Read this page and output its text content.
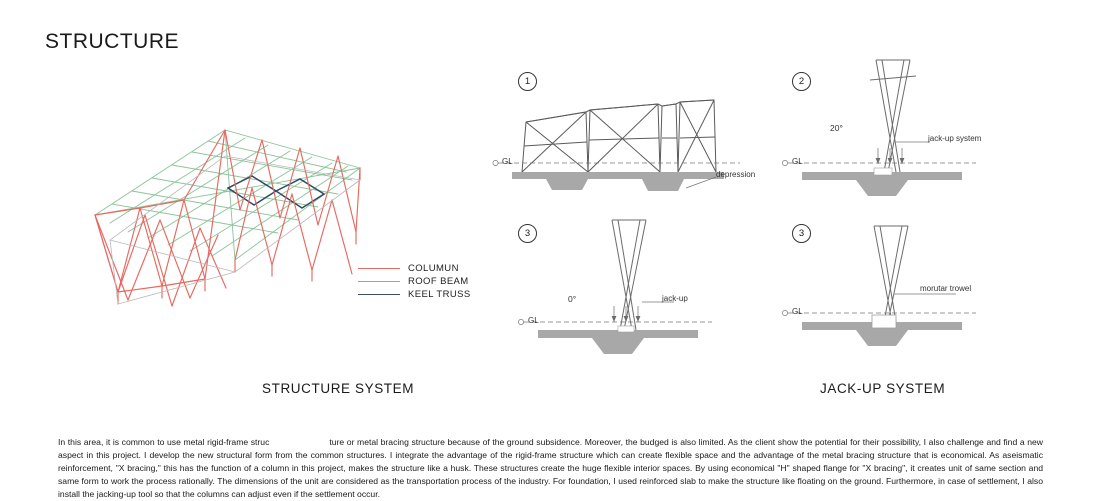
STRUCTURE
COLUMUN
ROOF BEAM
KEEL TRUSS
1
GL
depression
2
GL
20°
jack-up system
3
GL
0°	jack-up
3
GL
morutar trowel
STRUCTURE SYSTEM	JACK-UP SYSTEM
In this area, it is common to use metal rigid-frame struc	ture or metal bracing structure because of the ground subsidence. Moreover, the budged is also limited. As the client show the potential for their possibility, I also challenge and find a new aspect in this project. I develop the new structural form from the common structures. I integrate the advantage of the rigid-frame structure which can create flexible space and the advantage of the metal bracing structure that is economical. As aseismatic reinforcement, "X bracing," this has the function of a column in this project, makes the structure like a husk. These structures create the huge flexible interior spaces. By using economical "H" shaped flange for "X bracing", it creates unit of same section and same form to work the process rationally. The dimensions of the unit are considered as the transportation process of the industry. For foundation, I used reinforced slab to make the structure like floating on the ground. Furthermore, in case of settlement, I also install the jacking-up tool so that the columns can adjust even if the settlement occur.
